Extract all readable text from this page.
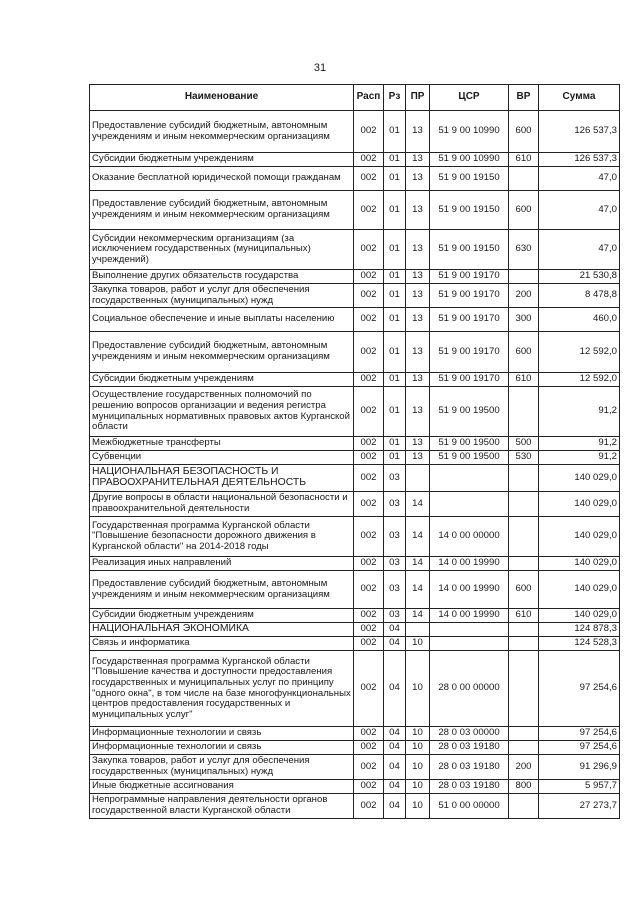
31
Наименование	Расп	Рз	ПР	ЦСР	ВР	Сумма
Предоставление субсидий бюджетным, автономным учреждениям и иным некоммерческим организациям	002	01	13	51 9 00 10990	600	126 537,3
Субсидии бюджетным учреждениям	002	01	13	51 9 00 10990	610	126 537,3
Оказание бесплатной юридической помощи гражданам	002	01	13	51 9 00 19150		47,0
Предоставление субсидий бюджетным, автономным учреждениям и иным некоммерческим организациям	002	01	13	51 9 00 19150	600	47,0
Субсидии некоммерческим организациям (за исключением государственных (муниципальных) учреждений)	002	01	13	51 9 00 19150	630	47,0
Выполнение других обязательств государства	002	01	13	51 9 00 19170		21 530,8
Закупка товаров, работ и услуг для обеспечения государственных (муниципальных) нужд	002	01	13	51 9 00 19170	200	8 478,8
Социальное обеспечение и иные выплаты населению	002	01	13	51 9 00 19170	300	460,0
Предоставление субсидий бюджетным, автономным учреждениям и иным некоммерческим организациям	002	01	13	51 9 00 19170	600	12 592,0
Субсидии бюджетным учреждениям	002	01	13	51 9 00 19170	610	12 592,0
Осуществление государственных полномочий по решению вопросов организации и ведения регистра муниципальных нормативных правовых актов Курганской области	002	01	13	51 9 00 19500		91,2
Межбюджетные трансферты	002	01	13	51 9 00 19500	500	91,2
Субвенции	002	01	13	51 9 00 19500	530	91,2
НАЦИОНАЛЬНАЯ БЕЗОПАСНОСТЬ И ПРАВООХРАНИТЕЛЬНАЯ ДЕЯТЕЛЬНОСТЬ	002	03				140 029,0
Другие вопросы в области национальной безопасности и правоохранительной деятельности	002	03	14			140 029,0
Государственная программа Курганской области "Повышение безопасности дорожного движения в Курганской области" на 2014-2018 годы	002	03	14	14 0 00 00000		140 029,0
Реализация иных направлений	002	03	14	14 0 00 19990		140 029,0
Предоставление субсидий бюджетным, автономным учреждениям и иным некоммерческим организациям	002	03	14	14 0 00 19990	600	140 029,0
Субсидии бюджетным учреждениям	002	03	14	14 0 00 19990	610	140 029,0
НАЦИОНАЛЬНАЯ ЭКОНОМИКА	002	04				124 878,3
Связь и информатика	002	04	10			124 528,3
Государственная программа Курганской области "Повышение качества и доступности предоставления государственных и муниципальных услуг по принципу "одного окна", в том числе на базе многофункциональных центров предоставления государственных и муниципальных услуг"	002	04	10	28 0 00 00000		97 254,6
Информационные технологии и связь	002	04	10	28 0 03 00000		97 254,6
Информационные технологии и связь	002	04	10	28 0 03 19180		97 254,6
Закупка товаров, работ и услуг для обеспечения государственных (муниципальных) нужд	002	04	10	28 0 03 19180	200	91 296,9
Иные бюджетные ассигнования	002	04	10	28 0 03 19180	800	5 957,7
Непрограммные направления деятельности органов государственной власти Курганской области	002	04	10	51 0 00 00000		27 273,7
